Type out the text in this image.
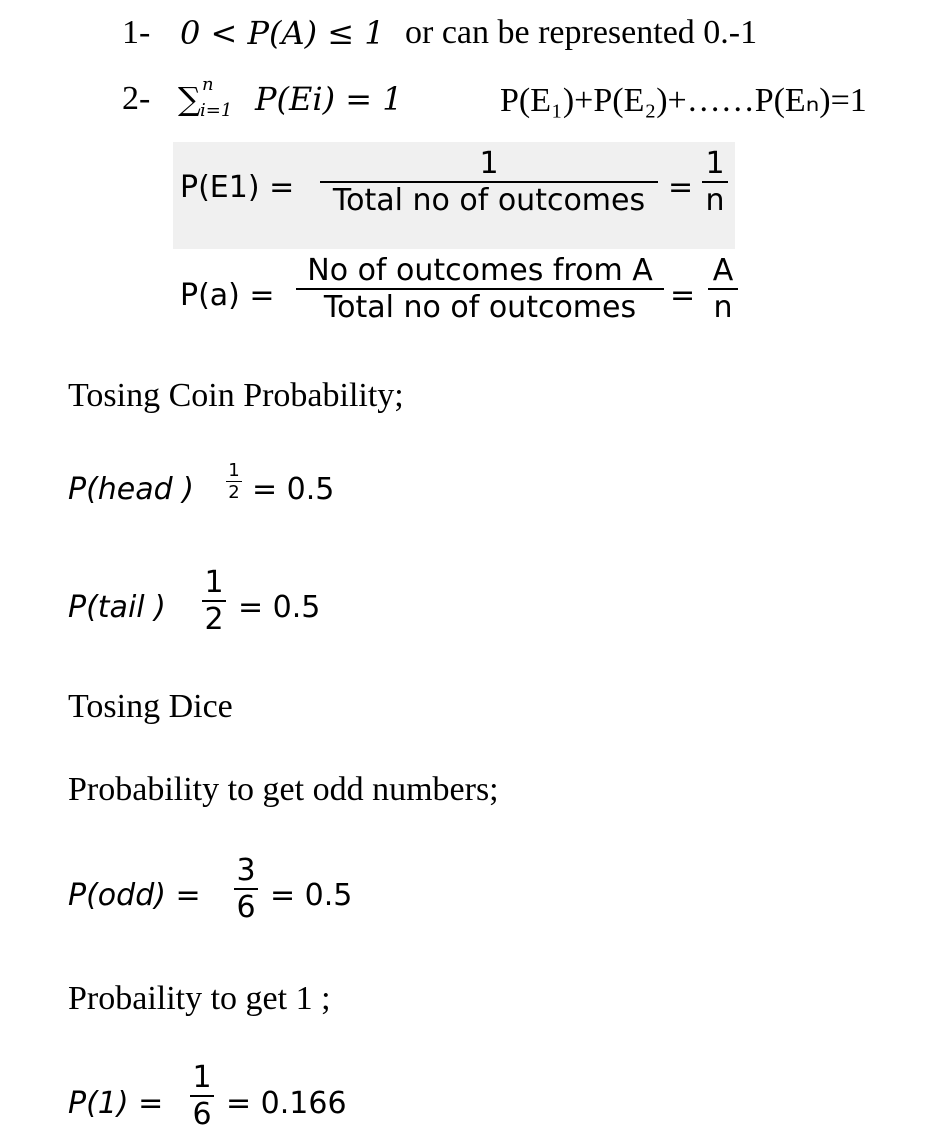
1- 0 < P(A) ≤ 1 or can be represented 0.-1
2- ∑ n
i=1 P(Ei) = 1	P(E₁)+P(E₂)+……P(Eₙ)=1
P(E1) =
1
Total no of outcomes =
1
n
P(a) =
No of outcomes from A
Total no of outcomes	=
A
n
Tosing Coin Probability;
P(head )
1
2 = 0.5
P(tail )
1
2 = 0.5
Tosing Dice
Probability to get odd numbers;
P(odd) =
3
6 = 0.5
Probaility to get 1 ;
P(1) =
1
6 = 0.166
